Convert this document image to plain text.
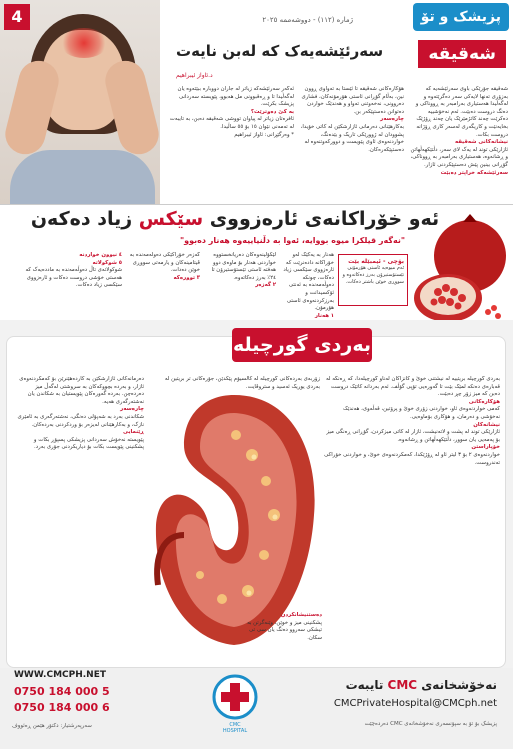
4	ژمارە (١١٢) - دووشەممە ٢٠٢٥	پزیشک و تۆ
سەرئێشەیەک کە لەبن نایەت	شەقیقە
د.ئاواز ئیبراهیم
شەقیقە جۆرێکی باوی سەرئێشەیە کە بەزۆری تەنها لایەکی سەر دەگرێتەوە و لەگەڵیدا هەستیاری بەرامبەر بە ڕووناکی و دەنگ دروست دەبێت. ئەم نەخۆشییە دەکرێت چەند کاتژمێرێک یان چەند ڕۆژێک بخایەنێت و کاریگەری لەسەر کاری ڕۆژانە دروست بکات.
نیشانەکانی شەقیقە
ئازارێکی توند لە یەک لای سەر، دڵتێکهەڵهاتن و ڕشانەوە، هەستیاری بەرامبەر بە ڕووناکی، گۆڕانی بینین پێش دەستپێکردنی ئازار.
سەرئێشەکە خراپتر دەبێت
هۆکارەکانی شەقیقە تا ئێستا بە تەواوی ڕوون نین، بەڵام گۆڕانی ئاستی هۆرمۆنەکان، فشاری دەروونی، نەخەوتنی تەواو و هەندێک خواردن دەتوانن دەستپێکەر بن.
چارەسەر
بەکارهێنانی دەرمانی ئازارشکێن لە کاتی خۆیدا، پشوودان لە ژوورێکی تاریک و بێدەنگ، خواردنەوەی ئاوی پێویست و دوورکەوتنەوە لە دەستپێکەرەکان.
ئەگەر سەرئێشەکە زیاتر لە جاران دووبارە ببێتەوە یان لەگەڵیدا تا و ڕەقبوونی مل هەبوو، پێویستە سەردانی پزیشک بکرێت.
بە کێ دەوترێت؟
ئافرەتان زیاتر لە پیاوان تووشی شەقیقە دەبن، بە تایبەت لە تەمەنی نێوان ١٥ بۆ ٥٥ ساڵیدا.
* وەرگێڕانی: ئاواز ئیبراهیم
ئەو خۆراکانەی ئارەزووی سێکس زیاد دەکەن
"نەگەر قیلکرا میوە بووایە، ئەوا بە دڵنیاییەوە هەنار دەبوو"
بۆچی - ئیمبێلە بێت
ئەم میوەیە ئاستی هۆرمۆنی تێستۆستیرۆن بەرز دەکاتەوە و سووڕی خوێن باشتر دەکات.
هەنار بە یەکێک لەو خۆراکانە دادەنرێت کە ئارەزووی سێکسی زیاد دەکات، چونکە دەوڵەمەندە بە ئەنتی ئۆکسیدانت و بەرزکردنەوەی ئاستی هۆرمۆن.
١ هەنار
لێکۆڵینەوەکان دەریانخستووە خواردنی هەنار بۆ ماوەی دوو هەفتە ئاستی تێستۆستیرۆن تا ٢٤٪ بەرز دەکاتەوە.
٢ گەزەر
گەزەر خۆراکێکی دەوڵەمەندە بە ڤیتامینەکان و یارمەتی سووڕی خوێن دەدات.
٣ توورەکە
٤ نیوون خواردنە
٥ شوکولاتە
شوکولاتەی تاڵ دەوڵەمەندە بە ماددەیەک کە هەستی خۆشی دروست دەکات و ئارەزووی سێکسی زیاد دەکات.
بەردی گورچیلە
بەردی گورچیلە بریتییە لە نیشتنی خوێ و کانزاکان لەناو گورچیلەدا، کە ڕەنگە لە قەبارەی دەنکە لمێک بێت تا گەورەیی تۆپی گۆڵف. ئەم بەردانە کاتێک دروست دەبن کە میز زۆر چڕ دەبێت.
هۆکارەکانی
کەمی خواردنەوەی ئاو، خواردنی زۆری خوێ و پرۆتین، قەڵەوی، هەندێک نەخۆشی و دەرمان، و هۆکاری بۆماوەیی.
نیشانەکان
ئازارێکی توند لە پشت و لاتەنیشت، ئازار لە کاتی میزکردن، گۆڕانی ڕەنگی میز بۆ پەمەیی یان سوور، دڵتێکهەڵهاتن و ڕشانەوە.
خۆپاراستن
خواردنەوەی ٢ بۆ ٣ لیتر ئاو لە ڕۆژێکدا، کەمکردنەوەی خوێ، و خواردنی خۆراکی تەندروست.
دەرمانەکانی ئازارشکێن بە کاردەهێنرێن بۆ کەمکردنەوەی ئازار، و بەردە بچووکەکان بە سروشتی لەگەڵ میز دەردەچن. بەردە گەورەکان پێویستیان بە شکاندن یان نەشتەرگەری هەیە.
چارەسەر
شکاندنی بەرد بە شەپۆلی دەنگی، نەشتەرگەری بە ئامێری نازک، و بەکارهێنانی لەیزەر بۆ وردکردنی بەردەکان.
ڕێنمایی
پێویستە نەخۆش سەردانی پزیشکی پسپۆڕ بکات و پشکنینی پێویست بکات بۆ دیاریکردنی جۆری بەرد.
زۆربەی بەردەکانی گورچیلە لە کالسیۆم پێکدێن، جۆرەکانی تر بریتین لە بەردی یوریک ئەسید و ستروڤایت.
دەستنیشانکردن
پشکنینی میز و خوێن، وێنەگرتن بە تیشکی سەروو دەنگ یان سی تی سکان.
WWW.CMCPH.NET
0750 184 000 5
0750 184 000 6
سەرپەرشتیار: دکتۆر هێمن ڕەئووف	CMC
HOSPITAL
نەخۆشخانەی CMC تایبەت
CMCPrivateHospital@CMCph.net
پزیشک بۆ تۆ بە سپۆنسەری نەخۆشخانەی CMC دەردەچێت
